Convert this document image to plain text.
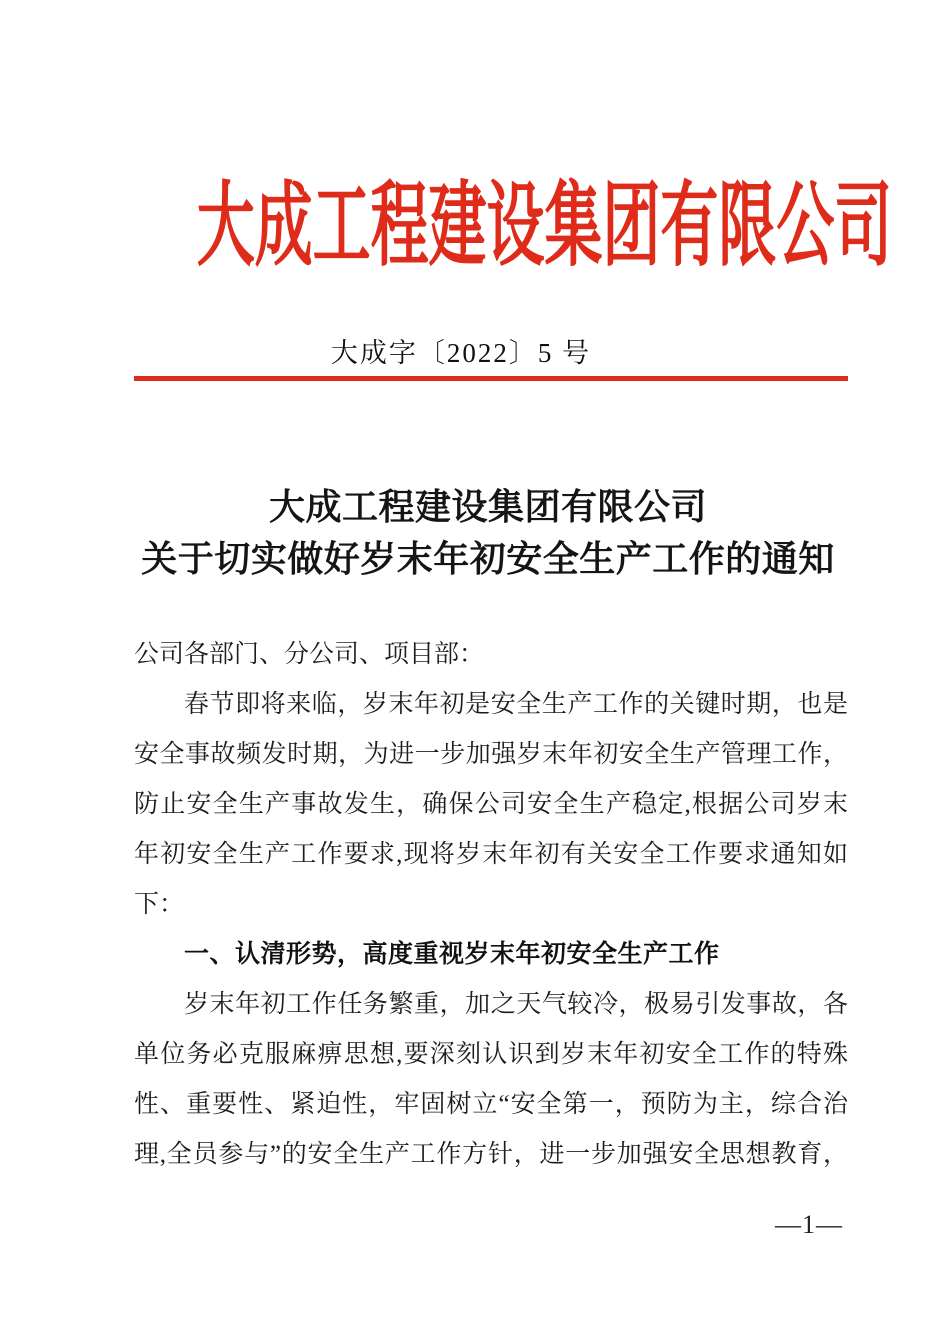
大成工程建设集团有限公司
大成字〔2022〕5 号
大成工程建设集团有限公司
关于切实做好岁末年初安全生产工作的通知
公司各部门、分公司、项目部：
春节即将来临，岁末年初是安全生产工作的关键时期，也是
安全事故频发时期，为进一步加强岁末年初安全生产管理工作，
防止安全生产事故发生，确保公司安全生产稳定,根据公司岁末
年初安全生产工作要求,现将岁末年初有关安全工作要求通知如
下：
一、认清形势，高度重视岁末年初安全生产工作
岁末年初工作任务繁重，加之天气较冷，极易引发事故，各
单位务必克服麻痹思想,要深刻认识到岁末年初安全工作的特殊
性、重要性、紧迫性，牢固树立“安全第一，预防为主，综合治
理,全员参与”的安全生产工作方针，进一步加强安全思想教育，
—1—
